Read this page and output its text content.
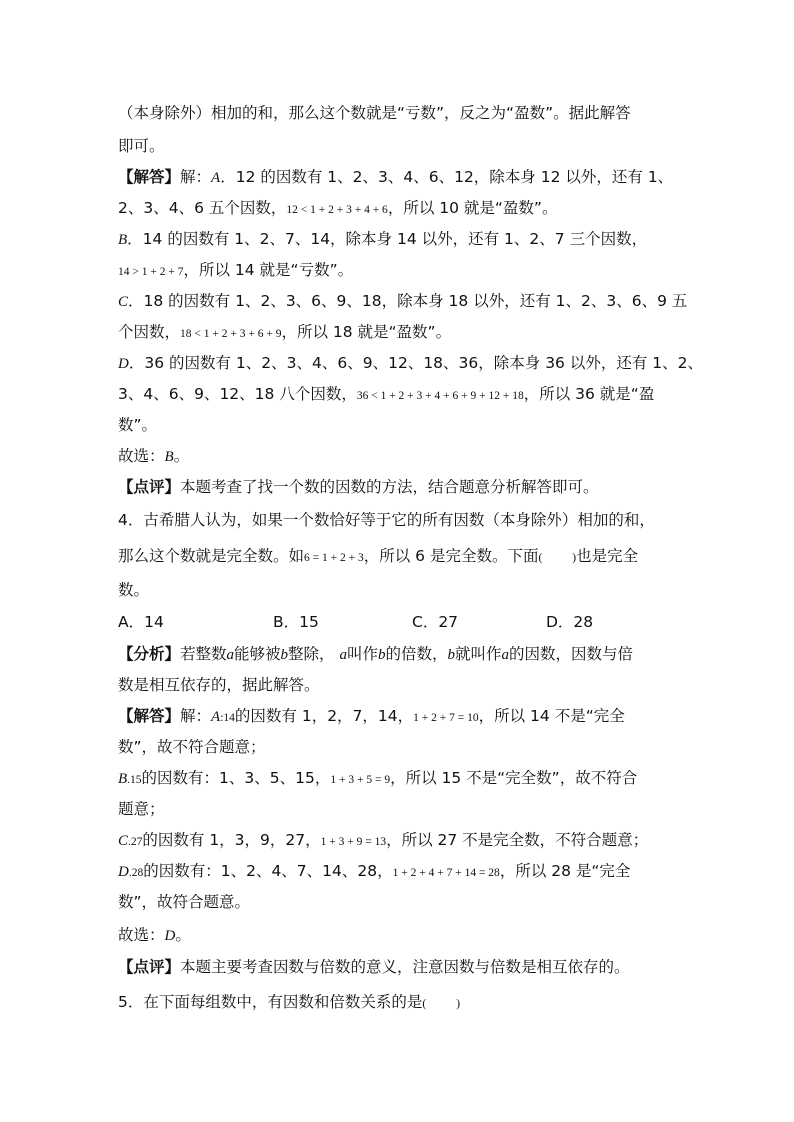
（本身除外）相加的和，那么这个数就是“亏数”，反之为“盈数”。据此解答
即可。
【解答】解：A．12 的因数有 1、2、3、4、6、12，除本身 12 以外，还有 1、
2、3、4、6 五个因数，12 < 1 + 2 + 3 + 4 + 6，所以 10 就是“盈数”。
B．14 的因数有 1、2、7、14，除本身 14 以外，还有 1、2、7 三个因数，
14 > 1 + 2 + 7，所以 14 就是“亏数”。
C．18 的因数有 1、2、3、6、9、18，除本身 18 以外，还有 1、2、3、6、9 五
个因数，18 < 1 + 2 + 3 + 6 + 9，所以 18 就是“盈数”。
D．36 的因数有 1、2、3、4、6、9、12、18、36，除本身 36 以外，还有 1、2、
3、4、6、9、12、18 八个因数，36 < 1 + 2 + 3 + 4 + 6 + 9 + 12 + 18，所以 36 就是“盈
数”。
故选：B。
【点评】本题考查了找一个数的因数的方法，结合题意分析解答即可。
4．古希腊人认为，如果一个数恰好等于它的所有因数（本身除外）相加的和，
那么这个数就是完全数。如6 = 1 + 2 + 3，所以 6 是完全数。下面(	)也是完全
数。
A．14	B．15	C．27	D．28
【分析】若整数a能够被b整除， a叫作b的倍数，b就叫作a的因数，因数与倍
数是相互依存的，据此解答。
【解答】解：A:14的因数有 1，2，7，14，1 + 2 + 7 = 10，所以 14 不是“完全
数”，故不符合题意；
B.15的因数有：1、3、5、15，1 + 3 + 5 = 9，所以 15 不是“完全数”，故不符合
题意；
C.27的因数有 1，3，9，27，1 + 3 + 9 = 13，所以 27 不是完全数，不符合题意；
D.28的因数有：1、2、4、7、14、28，1 + 2 + 4 + 7 + 14 = 28，所以 28 是“完全
数”，故符合题意。
故选：D。
【点评】本题主要考查因数与倍数的意义，注意因数与倍数是相互依存的。
5．在下面每组数中，有因数和倍数关系的是(	)
